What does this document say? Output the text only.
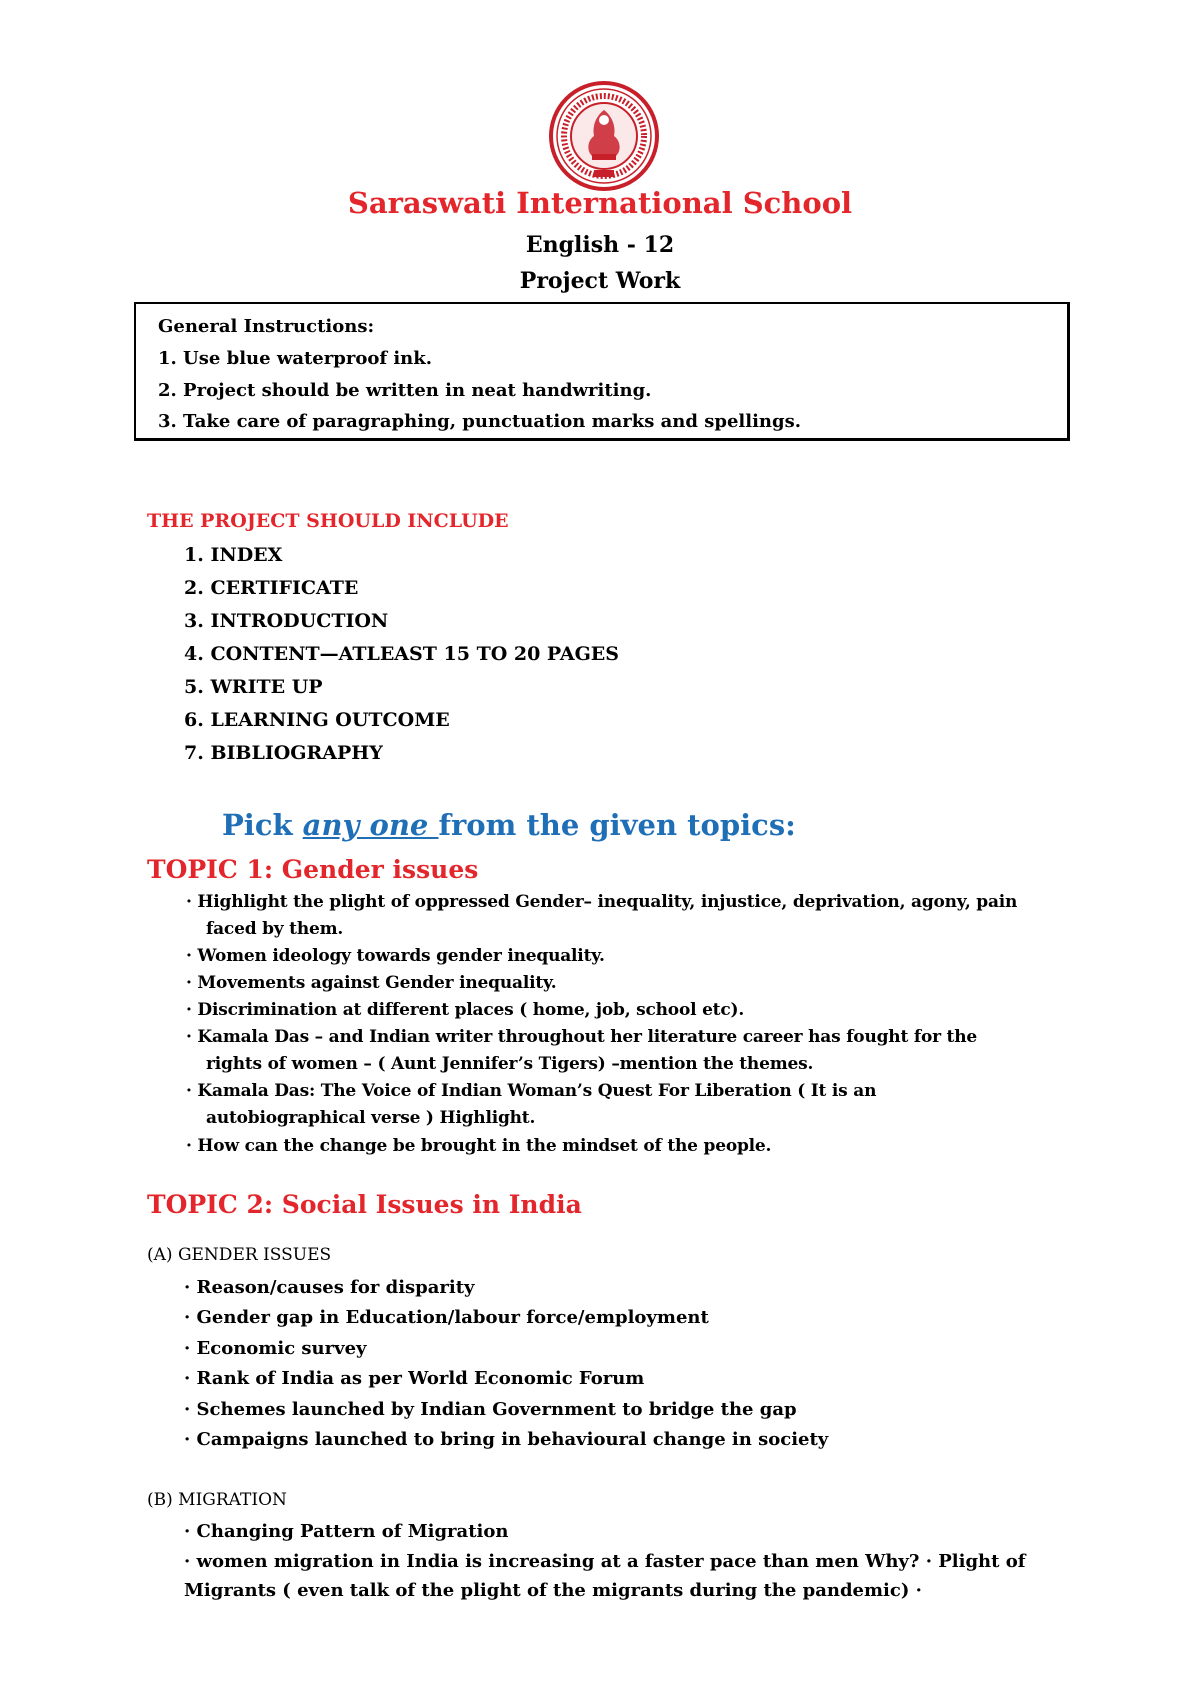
Saraswati International School
English - 12
Project Work
General Instructions:
1. Use blue waterproof ink.
2. Project should be written in neat handwriting.
3. Take care of paragraphing, punctuation marks and spellings.
THE PROJECT SHOULD INCLUDE
1. INDEX
2. CERTIFICATE
3. INTRODUCTION
4. CONTENT—ATLEAST 15 TO 20 PAGES
5. WRITE UP
6. LEARNING OUTCOME
7. BIBLIOGRAPHY
Pick any one from the given topics:
TOPIC 1: Gender issues
· Highlight the plight of oppressed Gender– inequality, injustice, deprivation, agony, pain
faced by them.
· Women ideology towards gender inequality.
· Movements against Gender inequality.
· Discrimination at different places ( home, job, school etc).
· Kamala Das – and Indian writer throughout her literature career has fought for the
rights of women – ( Aunt Jennifer’s Tigers) –mention the themes.
· Kamala Das: The Voice of Indian Woman’s Quest For Liberation ( It is an
autobiographical verse ) Highlight.
· How can the change be brought in the mindset of the people.
TOPIC 2: Social Issues in India
(A) GENDER ISSUES
· Reason/causes for disparity
· Gender gap in Education/labour force/employment
· Economic survey
· Rank of India as per World Economic Forum
· Schemes launched by Indian Government to bridge the gap
· Campaigns launched to bring in behavioural change in society
(B) MIGRATION
· Changing Pattern of Migration
· women migration in India is increasing at a faster pace than men Why? · Plight of
Migrants ( even talk of the plight of the migrants during the pandemic) ·
